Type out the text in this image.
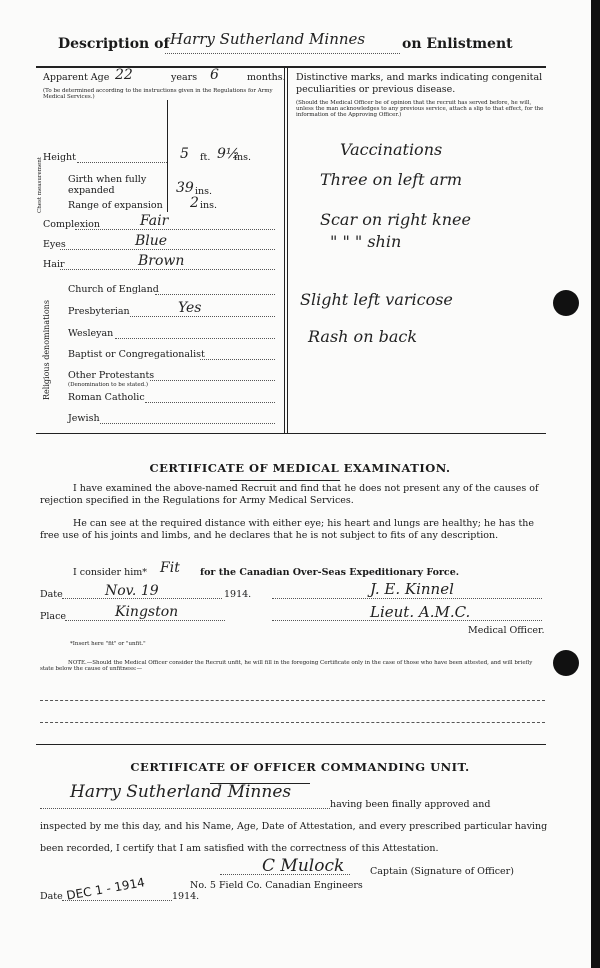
Description of Harry Sutherland Minnes	on Enlistment
Apparent Age 22	years 6	months.
(To be determined according to the instructions given in the Regulations for Army Medical Services.)
Height	5 ft. 9½
ins.
Chest measurement	Girth when fully expanded	39 ins.
Range of expansion 2 ins.
Complexion	Fair
Eyes	Blue
Hair	Brown
Religious denominations
Church of England
Presbyterian	Yes
Wesleyan
Baptist or Congregationalist
Other Protestants
(Denomination to be stated.)
Roman Catholic
Jewish
Distinctive marks, and marks indicating congenital peculiarities or previous disease.
(Should the Medical Officer be of opinion that the recruit has served before, he will, unless the man acknowledges to any previous service, attach a slip to that effect, for the information of the Approving Officer.)
Vaccinations
Three on left arm
Scar on right knee
" " " shin
Slight left varicose
Rash on back
CERTIFICATE OF MEDICAL EXAMINATION.
I have examined the above-named Recruit and find that he does not present any of the causes of rejection specified in the Regulations for Army Medical Services.
He can see at the required distance with either eye; his heart and lungs are healthy; he has the free use of his joints and limbs, and he declares that he is not subject to fits of any description.
I consider him* Fit for the Canadian Over-Seas Expeditionary Force.
Date	Nov. 19	1914.
Place	Kingston
J. E. Kinnel
Lieut. A.M.C.
Medical Officer.
*Insert here "fit" or "unfit."
NOTE.—Should the Medical Officer consider the Recruit unfit, he will fill in the foregoing Certificate only in the case of those who have been attested, and will briefly state below the cause of unfitness:—
CERTIFICATE OF OFFICER COMMANDING UNIT.
Harry Sutherland Minnes
having been finally approved and
inspected by me this day, and his Name, Age, Date of Attestation, and every prescribed particular having
been recorded, I certify that I am satisfied with the correctness of this Attestation.
C Mulock	Captain (Signature of Officer)
No. 5 Field Co. Canadian Engineers
Date DEC 1 - 1914	1914.
